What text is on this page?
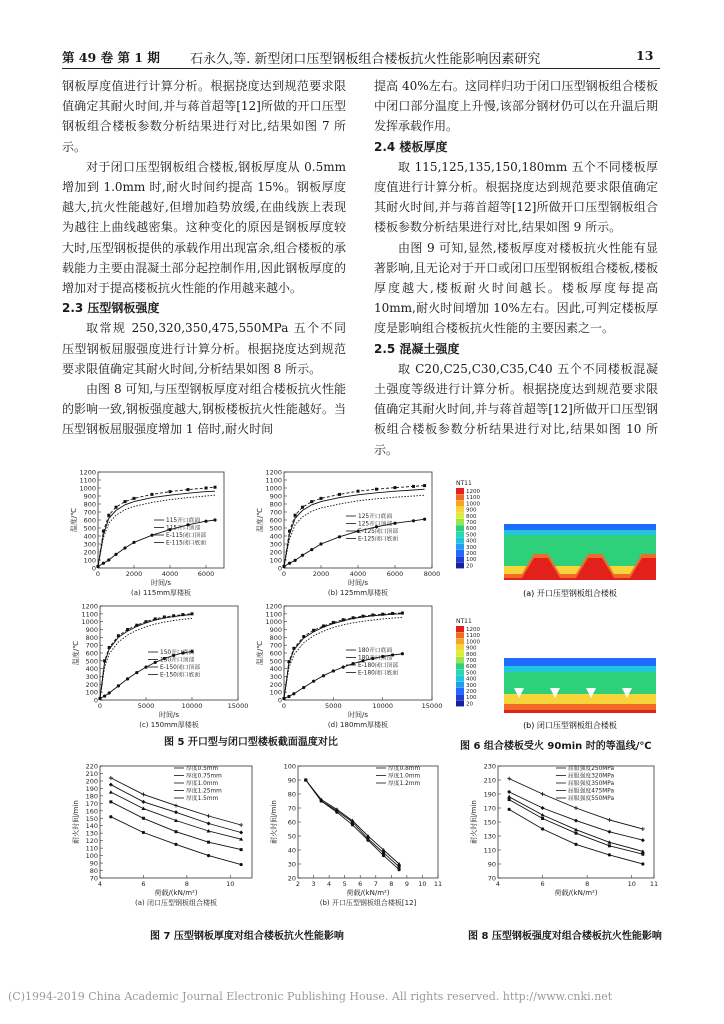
第 49 卷 第 1 期 石永久,等. 新型闭口压型钢板组合楼板抗火性能影响因素研究	13

钢板厚度值进行计算分析。根据挠度达到规范要求限值确定其耐火时间,并与蒋首超等[12]所做的开口压型钢板组合楼板参数分析结果进行对比,结果如图 7 所示。

对于闭口压型钢板组合楼板,钢板厚度从 0.5mm 增加到 1.0mm 时,耐火时间约提高 15%。钢板厚度越大,抗火性能越好,但增加趋势放缓,在曲线族上表现为越往上曲线越密集。这种变化的原因是钢板厚度较大时,压型钢板提供的承载作用出现富余,组合楼板的承载能力主要由混凝土部分起控制作用,因此钢板厚度的增加对于提高楼板抗火性能的作用越来越小。

2.3 压型钢板强度

取常规 250,320,350,475,550MPa 五个不同压型钢板屈服强度进行计算分析。根据挠度达到规范要求限值确定其耐火时间,分析结果如图 8 所示。

由图 8 可知,与压型钢板厚度对组合楼板抗火性能的影响一致,钢板强度越大,钢板楼板抗火性能越好。当压型钢板屈服强度增加 1 倍时,耐火时间

提高 40%左右。这同样归功于闭口压型钢板组合楼板中闭口部分温度上升慢,该部分钢材仍可以在升温后期发挥承载作用。

2.4 楼板厚度

取 115,125,135,150,180mm 五个不同楼板厚度值进行计算分析。根据挠度达到规范要求限值确定其耐火时间,并与蒋首超等[12]所做开口压型钢板组合楼板参数分析结果进行对比,结果如图 9 所示。

由图 9 可知,显然,楼板厚度对楼板抗火性能有显著影响,且无论对于开口或闭口压型钢板组合楼板,楼板厚度越大,楼板耐火时间越长。楼板厚度每提高 10mm,耐火时间增加 10%左右。因此,可判定楼板厚度是影响组合楼板抗火性能的主要因素之一。

2.5 混凝土强度

取 C20,C25,C30,C35,C40 五个不同楼板混凝土强度等级进行计算分析。根据挠度达到规范要求限值确定其耐火时间,并与蒋首超等[12]所做开口压型钢板组合楼板参数分析结果进行对比,结果如图 10 所示。

0
100
200
300
400
500
600
700
800
900
1000
1100
1200
0	2000	4000	6000
时间/s
温度/℃
(a) 115mm厚楼板
115开口底面
115开口顶部
E-115闭口顶部
E-115闭口底面
0
100
200
300
400
500
600
700
800
900
1000
1100
1200
0	2000	4000	6000	8000
时间/s
温度/℃
(b) 125mm厚楼板
125开口底面
125开口顶部
E-125闭口顶部
E-125闭口底面
0
100
200
300
400
500
600
700
800
900
1000
1100
1200
0	5000	10000	15000
时间/s
温度/℃
(c) 150mm厚楼板
150开口底面
150开口顶部
E-150闭口顶部
E-150闭口底面
0
100
200
300
400
500
600
700
800
900
1000
1100
1200
0	5000	10000	15000
时间/s
温度/℃
(d) 180mm厚楼板
180开口底面
180开口顶部
E-180闭口顶部
E-180闭口底面
图 5 开口型与闭口型楼板截面温度对比
NT11
1200
1100
1000
900
800
700
600
500
400
300
200
100
20
(a) 开口压型钢板组合楼板
NT11
1200
1100
1000
900
800
700
600
500
400
300
200
100
20
(b) 闭口压型钢板组合楼板
图 6 组合楼板受火 90min 时的等温线/℃
70
80
90
100
110
120
130
140
150
160
170
180
190
200
210
220
4	6	8	10
荷载/(kN/m²)
耐火时间/min
(a) 闭口压型钢板组合楼板
厚度0.5mm
厚度0.75mm
厚度1.0mm
厚度1.25mm
厚度1.5mm
20
30
40
50
60
70
80
90
100
2 3 4 5 6 7 8 9 10 11
荷载/(kN/m²)
耐火时间/min
(b) 开口压型钢板组合楼板[12]
厚度0.8mm
厚度1.0mm
厚度1.2mm
70
90
110
130
150
170
190
210
230
4	6	8	10 11
荷载/(kN/m²)
耐火时间/min
屈服强度250MPa
屈服强度320MPa
屈服强度350MPa
屈服强度475MPa
屈服强度550MPa
图 7 压型钢板厚度对组合楼板抗火性能影响	图 8 压型钢板强度对组合楼板抗火性能影响
(C)1994-2019 China Academic Journal Electronic Publishing House. All rights reserved. http://www.cnki.net
